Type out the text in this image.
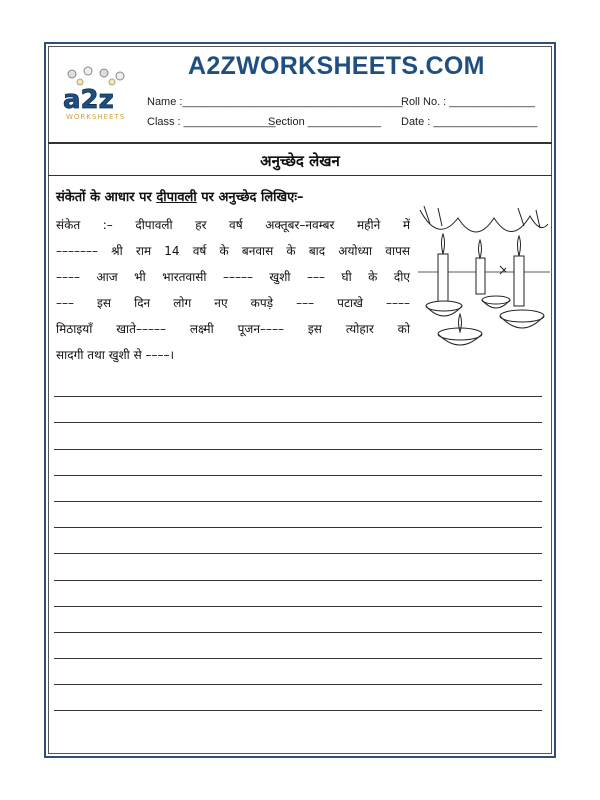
a2z
WORKSHEETS
A2ZWORKSHEETS.COM
Name :____________________________________
Roll No. : ______________
Class : _______________
Section ____________ Date : _________________
अनुच्छेद लेखन
संकेतों के आधार पर दीपावली पर अनुच्छेद लिखिएः–
संकेत :– दीपावली हर वर्ष अक्तूबर–नवम्बर महीने में
––––––– श्री राम 14 वर्ष के बनवास के बाद अयोध्या वापस
–––– आज भी भारतवासी ––––– खुशी ––– घी के दीए
––– इस दिन लोग नए कपड़े ––– पटाखे ––––
मिठाइयाँ खाते––––– लक्ष्मी पूजन–––– इस त्योहार को
सादगी तथा खुशी से ––––।
